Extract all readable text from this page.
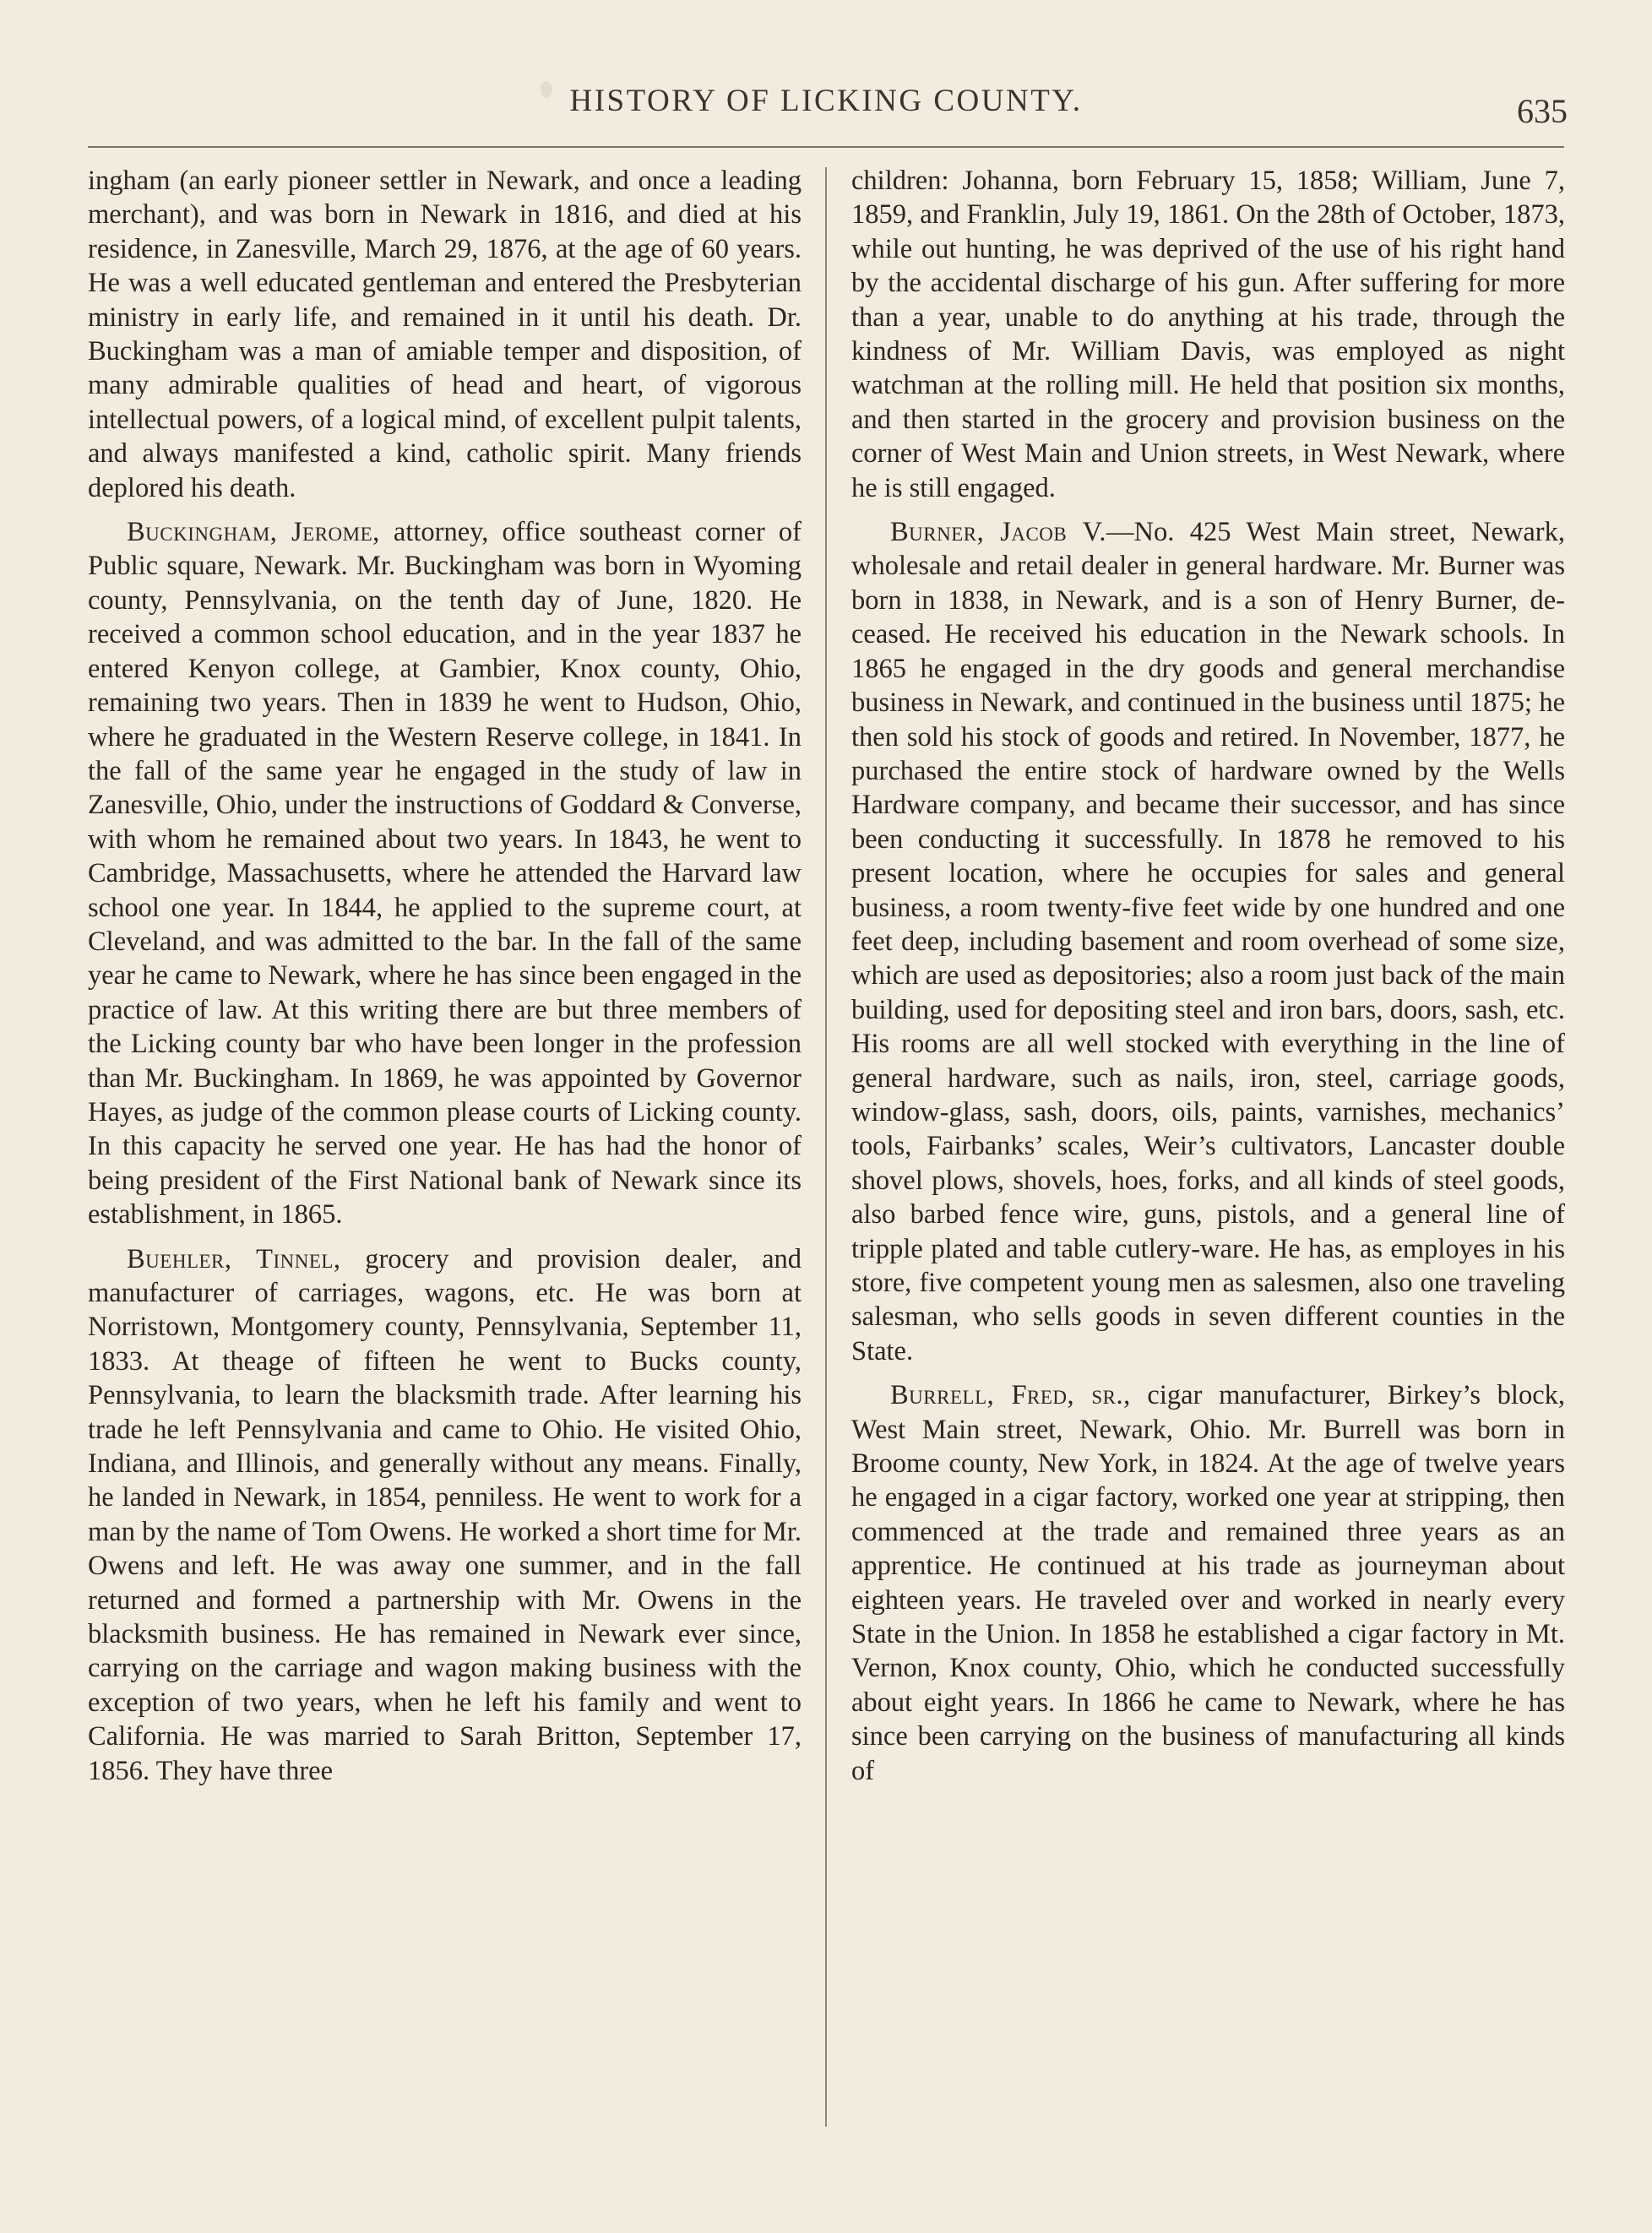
HISTORY OF LICKING COUNTY.	635

ingham (an early pioneer settler in Newark, and once a leading merchant), and was born in Newark in 1816, and died at his residence, in Zanesville, March 29, 1876, at the age of 60 years. He was a well educated gentleman and entered the Presbyterian ministry in early life, and remained in it until his death. Dr. Buckingham was a man of amiable temper and disposition, of many admirable qualities of head and heart, of vigorous intellectual powers, of a logical mind, of excellent pulpit talents, and always manifested a kind, catholic spirit. Many friends deplored his death.

Buckingham, Jerome, attorney, office southeast corner of Public square, Newark. Mr. Buckingham was born in Wyoming county, Pennsylvania, on the tenth day of June, 1820. He received a common school education, and in the year 1837 he entered Kenyon college, at Gambier, Knox county, Ohio, remaining two years. Then in 1839 he went to Hudson, Ohio, where he graduated in the Western Reserve college, in 1841. In the fall of the same year he engaged in the study of law in Zanesville, Ohio, under the instructions of Goddard & Converse, with whom he remained about two years. In 1843, he went to Cambridge, Massachusetts, where he attended the Harvard law school one year. In 1844, he applied to the supreme court, at Cleveland, and was admitted to the bar. In the fall of the same year he came to Newark, where he has since been engaged in the practice of law. At this writing there are but three members of the Licking county bar who have been longer in the profession than Mr. Buckingham. In 1869, he was appointed by Governor Hayes, as judge of the common please courts of Licking county. In this capacity he served one year. He has had the honor of being president of the First National bank of Newark since its establishment, in 1865.

Buehler, Tinnel, grocery and provision dealer, and manufacturer of carriages, wagons, etc. He was born at Norristown, Montgomery county, Pennsylvania, September 11, 1833. At theage of fifteen he went to Bucks county, Pennsylvania, to learn the blacksmith trade. After learning his trade he left Pennsylvania and came to Ohio. He visited Ohio, Indiana, and Illinois, and generally without any means. Finally, he landed in Newark, in 1854, penniless. He went to work for a man by the name of Tom Owens. He worked a short time for Mr. Owens and left. He was away one summer, and in the fall returned and formed a partnership with Mr. Owens in the blacksmith business. He has remained in Newark ever since, carrying on the carriage and wagon making business with the exception of two years, when he left his family and went to California. He was married to Sarah Britton, September 17, 1856. They have three

children: Johanna, born February 15, 1858; William, June 7, 1859, and Franklin, July 19, 1861. On the 28th of October, 1873, while out hunting, he was deprived of the use of his right hand by the accidental discharge of his gun. After suffering for more than a year, unable to do anything at his trade, through the kindness of Mr. William Davis, was employed as night watchman at the rolling mill. He held that position six months, and then started in the grocery and provision business on the corner of West Main and Union streets, in West Newark, where he is still engaged.

Burner, Jacob V.—No. 425 West Main street, Newark, wholesale and retail dealer in general hardware. Mr. Burner was born in 1838, in Newark, and is a son of Henry Burner, deceased. He received his education in the Newark schools. In 1865 he engaged in the dry goods and general merchandise business in Newark, and continued in the business until 1875; he then sold his stock of goods and retired. In November, 1877, he purchased the entire stock of hardware owned by the Wells Hardware company, and became their successor, and has since been conducting it successfully. In 1878 he removed to his present location, where he occupies for sales and general business, a room twenty-five feet wide by one hundred and one feet deep, including basement and room overhead of some size, which are used as depositories; also a room just back of the main building, used for depositing steel and iron bars, doors, sash, etc. His rooms are all well stocked with everything in the line of general hardware, such as nails, iron, steel, carriage goods, window-glass, sash, doors, oils, paints, varnishes, mechanics’ tools, Fairbanks’ scales, Weir’s cultivators, Lancaster double shovel plows, shovels, hoes, forks, and all kinds of steel goods, also barbed fence wire, guns, pistols, and a general line of tripple plated and table cutlery-ware. He has, as employes in his store, five competent young men as salesmen, also one traveling salesman, who sells goods in seven different counties in the State.

Burrell, Fred, sr., cigar manufacturer, Birkey’s block, West Main street, Newark, Ohio. Mr. Burrell was born in Broome county, New York, in 1824. At the age of twelve years he engaged in a cigar factory, worked one year at stripping, then commenced at the trade and remained three years as an apprentice. He continued at his trade as journeyman about eighteen years. He traveled over and worked in nearly every State in the Union. In 1858 he established a cigar factory in Mt. Vernon, Knox county, Ohio, which he conducted successfully about eight years. In 1866 he came to Newark, where he has since been carrying on the business of manufacturing all kinds of
